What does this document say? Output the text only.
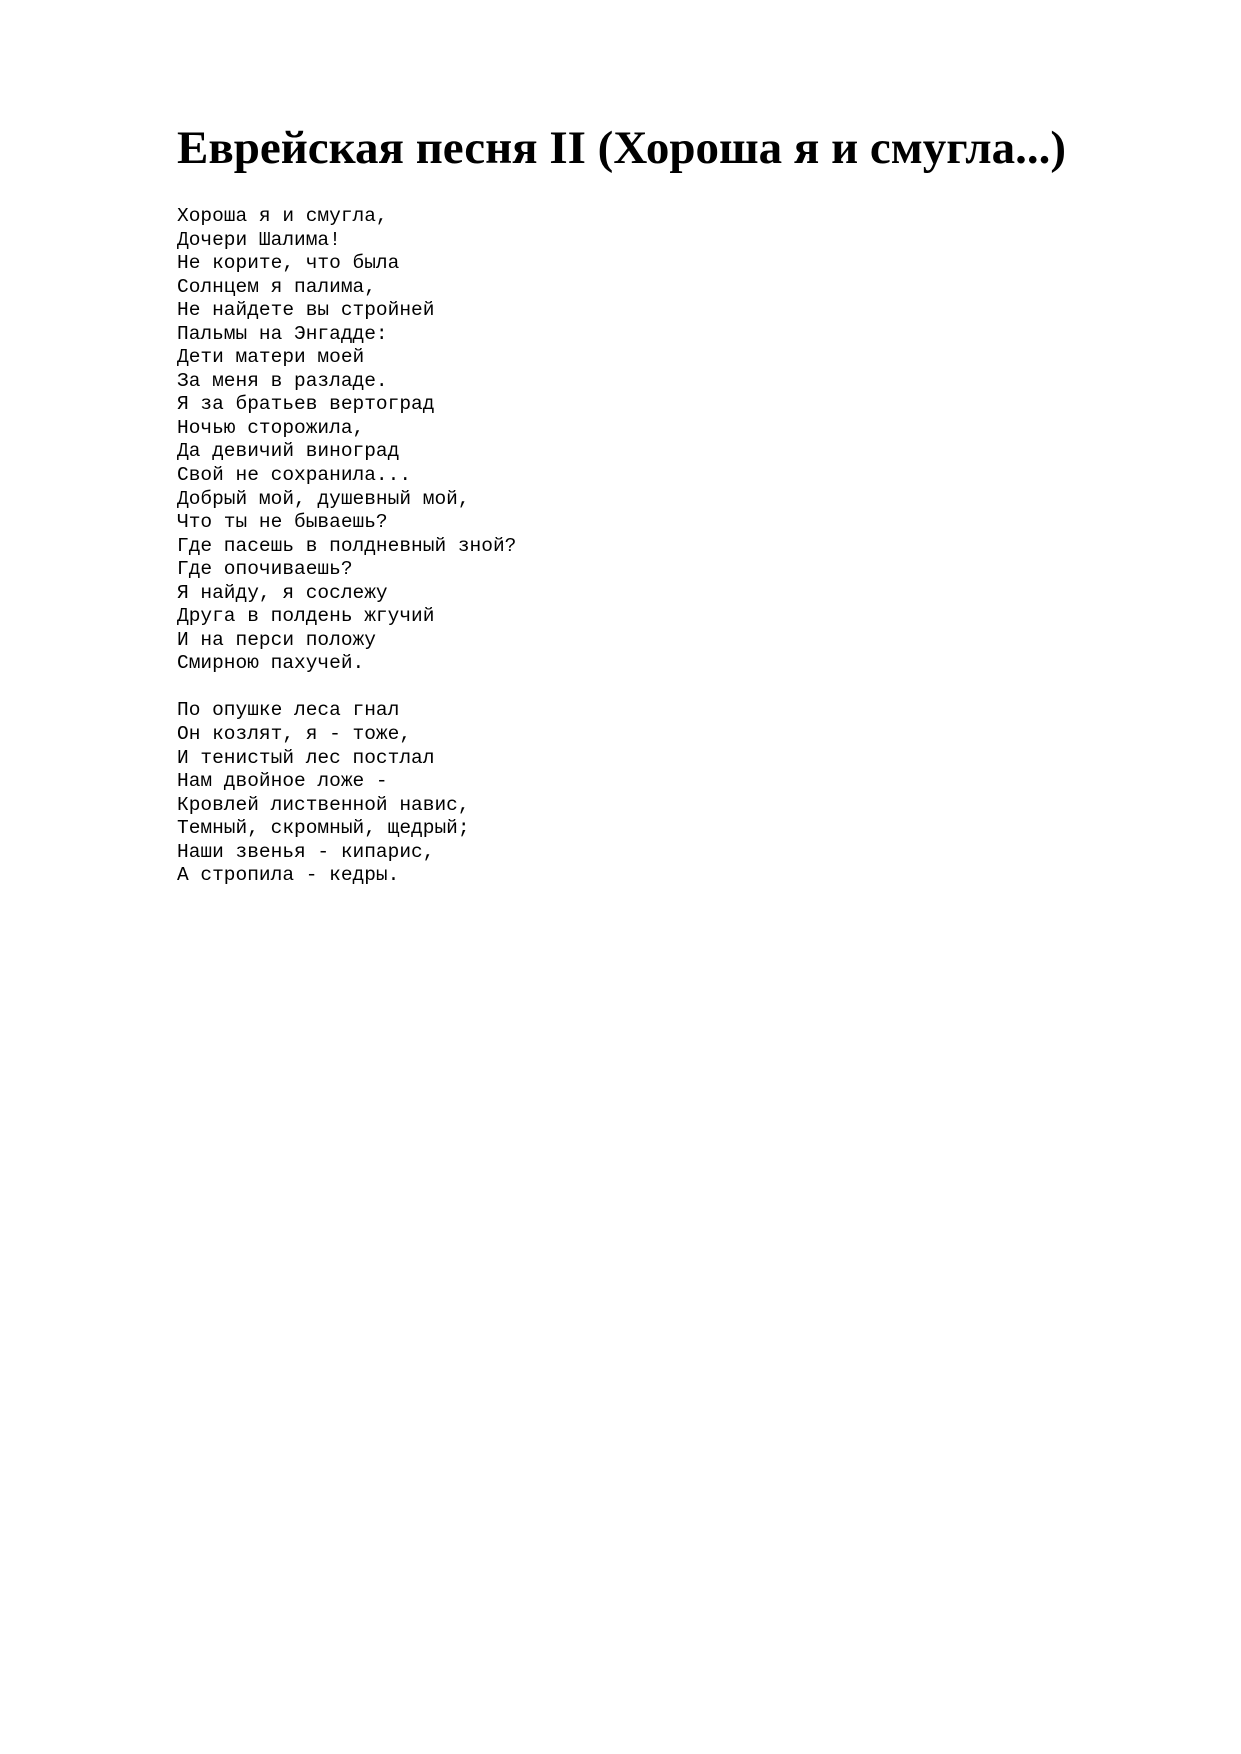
Еврейская песня II (Хороша я и смугла...)
Хороша я и смугла,
Дочери Шалима!
Не корите, что была
Солнцем я палима,
Не найдете вы стройней
Пальмы на Энгадде:
Дети матери моей
За меня в разладе.
Я за братьев вертоград
Ночью сторожила,
Да девичий виноград
Свой не сохранила...
Добрый мой, душевный мой,
Что ты не бываешь?
Где пасешь в полдневный зной?
Где опочиваешь?
Я найду, я сослежу
Друга в полдень жгучий
И на перси положу
Смирною пахучей.
По опушке леса гнал
Он козлят, я - тоже,
И тенистый лес постлал
Нам двойное ложе -
Кровлей лиственной навис,
Темный, скромный, щедрый;
Наши звенья - кипарис,
А стропила - кедры.
